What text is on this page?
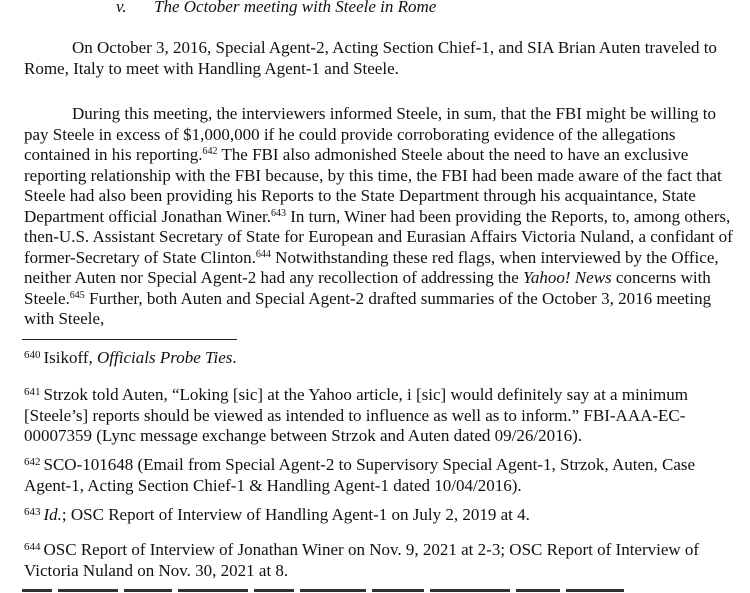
v. The October meeting with Steele in Rome

On October 3, 2016, Special Agent-2, Acting Section Chief-1, and SIA Brian Auten traveled to Rome, Italy to meet with Handling Agent-1 and Steele.

During this meeting, the interviewers informed Steele, in sum, that the FBI might be willing to pay Steele in excess of $1,000,000 if he could provide corroborating evidence of the allegations contained in his reporting.$^{642}$ The FBI also admonished Steele about the need to have an exclusive reporting relationship with the FBI because, by this time, the FBI had been made aware of the fact that Steele had also been providing his Reports to the State Department through his acquaintance, State Department official Jonathan Winer.$^{643}$ In turn, Winer had been providing the Reports, to, among others, then-U.S. Assistant Secretary of State for European and Eurasian Affairs Victoria Nuland, a confidant of former-Secretary of State Clinton.$^{644}$ Notwithstanding these red flags, when interviewed by the Office, neither Auten nor Special Agent-2 had any recollection of addressing the Yahoo! News concerns with Steele.$^{645}$ Further, both Auten and Special Agent-2 drafted summaries of the October 3, 2016 meeting with Steele,

$^{640}$ Isikoff, Officials Probe Ties.

$^{641}$ Strzok told Auten, “Loking [sic] at the Yahoo article, i [sic] would definitely say at a minimum [Steele’s] reports should be viewed as intended to influence as well as to inform.” FBI-AAA-EC-00007359 (Lync message exchange between Strzok and Auten dated 09/26/2016).

$^{642}$ SCO-101648 (Email from Special Agent-2 to Supervisory Special Agent-1, Strzok, Auten, Case Agent-1, Acting Section Chief-1 & Handling Agent-1 dated 10/04/2016).

$^{643}$ Id.; OSC Report of Interview of Handling Agent-1 on July 2, 2019 at 4.

$^{644}$ OSC Report of Interview of Jonathan Winer on Nov. 9, 2021 at 2-3; OSC Report of Interview of Victoria Nuland on Nov. 30, 2021 at 8.
